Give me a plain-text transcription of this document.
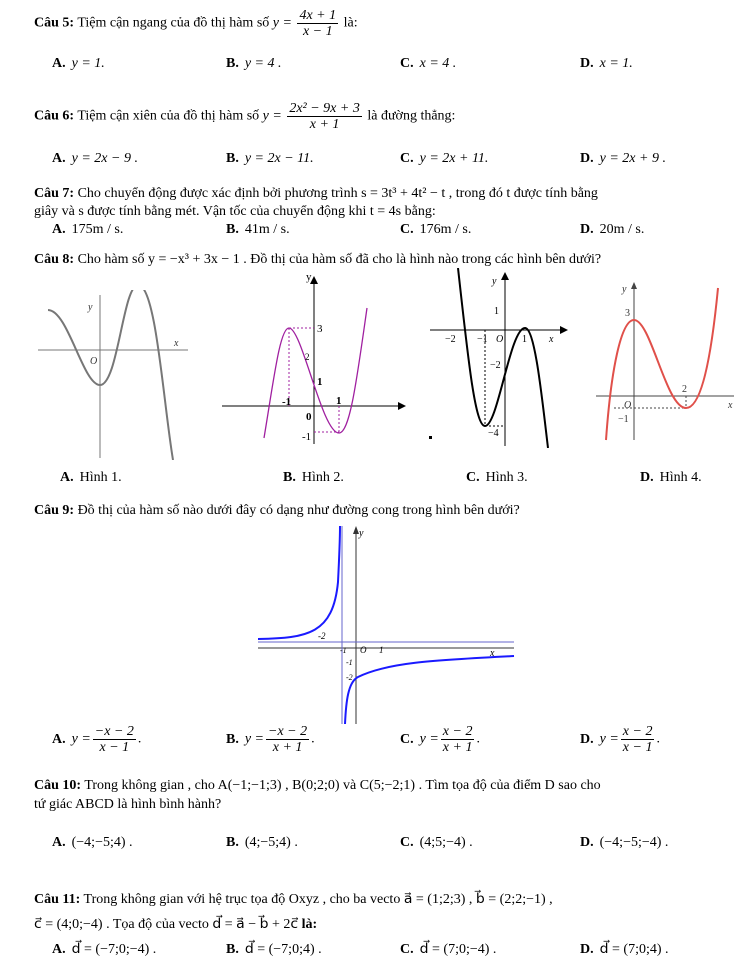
Câu 5: Tiệm cận ngang của đồ thị hàm số $y = \frac{4x + 1}{x - 1}$ là:
A. y = 1.	B. y = 4 .	C. x = 4 .	D. x = 1.
Câu 6: Tiệm cận xiên của đồ thị hàm số $y = \frac{\text{2x² − 9x + 3}}{x + 1}$ là đường thẳng:
A. y = 2x − 9 .	B. y = 2x − 11.	C. y = 2x + 11.	D. y = 2x + 9 .
Câu 7: Cho chuyển động được xác định bởi phương trình s = 3t³ + 4t² − t , trong đó t được tính bằng
giây và s được tính bằng mét. Vận tốc của chuyển động khi t = 4s bằng:
A. 175m / s.	B. 41m / s.	C. 176m / s.	D. 20m / s.
Câu 8: Cho hàm số y = −x³ + 3x − 1 . Đồ thị của hàm số đã cho là hình nào trong các hình bên dưới?
y
x
O
y
3
2
1
-1
0
1
-1
y
1
−2 −1 O 1 x
−2
−4
y
3
2
O	x
−1
A. Hình 1.	B. Hình 2.	C. Hình 3.	D. Hình 4.
Câu 9: Đồ thị của hàm số nào dưới đây có dạng như đường cong trong hình bên dưới?
y
x
-2
-1 O 1
-1
-2
A. $y = \frac{-x - 2}{x - 1}$ .	B. $y = \frac{-x - 2}{x + 1}$ .	C. $y = \frac{x - 2}{x + 1}$ .	D. $y = \frac{x - 2}{x - 1}$ .
Câu 10: Trong không gian , cho A(−1;−1;3) , B(0;2;0) và C(5;−2;1) . Tìm tọa độ của điểm D sao cho
tứ giác ABCD là hình bình hành?
A. (−4;−5;4) .	B. (4;−5;4) .	C. (4;5;−4) .	D. (−4;−5;−4) .
Câu 11: Trong không gian với hệ trục tọa độ Oxyz , cho ba vecto a⃗ = (1;2;3) , b⃗ = (2;2;−1) ,
c⃗ = (4;0;−4) . Tọa độ của vecto d⃗ = a⃗ − b⃗ + 2c⃗ là:
A. d⃗ = (−7;0;−4) .	B. d⃗ = (−7;0;4) .	C. d⃗ = (7;0;−4) .	D. d⃗ = (7;0;4) .
